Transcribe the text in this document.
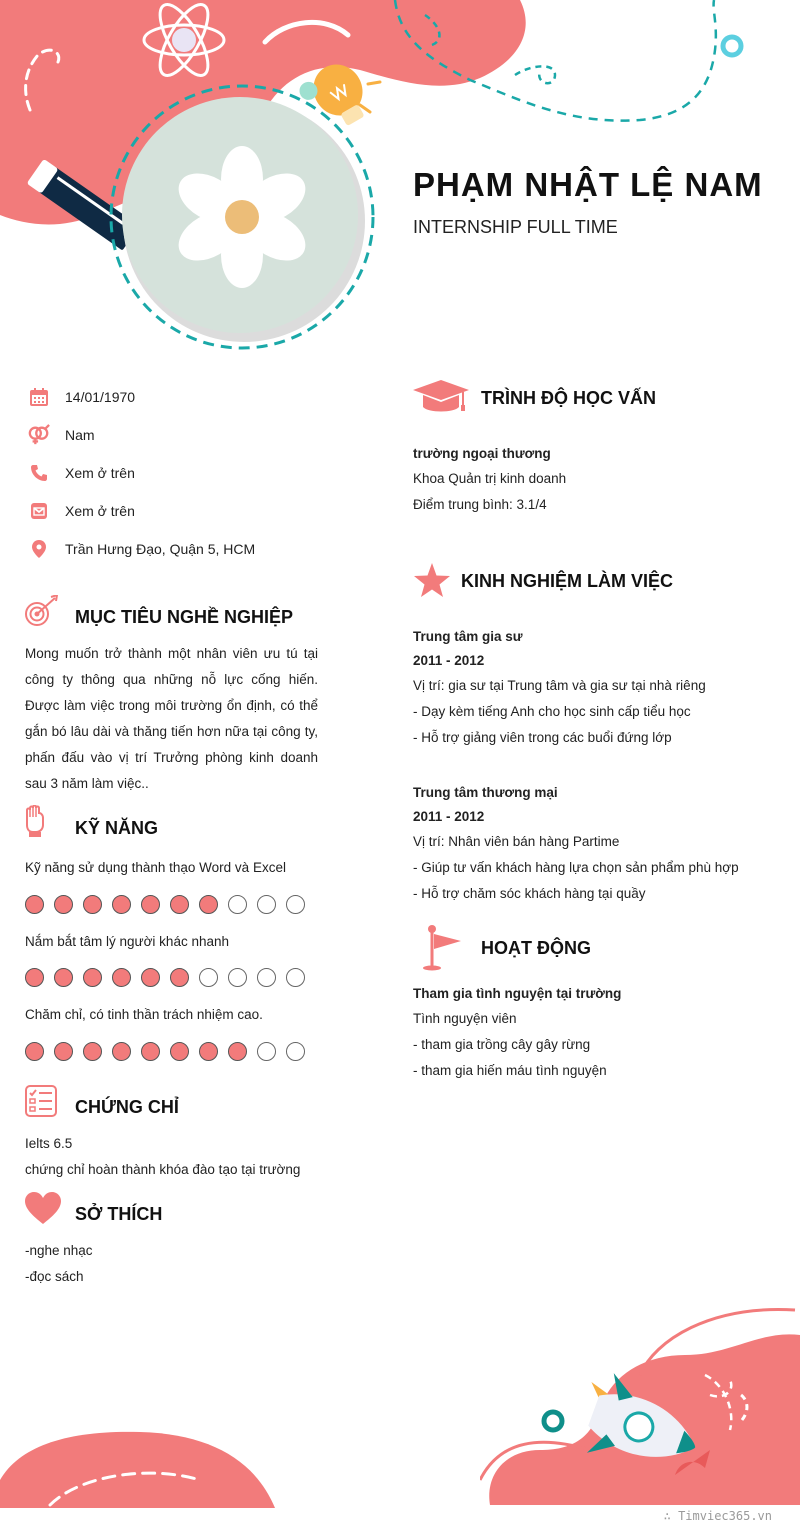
PHẠM NHẬT LỆ NAM
INTERNSHIP FULL TIME
14/01/1970
Nam
Xem ở trên
Xem ở trên
Trần Hưng Đạo, Quận 5, HCM
MỤC TIÊU NGHỀ NGHIỆP
Mong muốn trở thành một nhân viên ưu tú tại công ty thông qua những nỗ lực cống hiến. Được làm việc trong môi trường ổn định, có thể gắn bó lâu dài và thăng tiến hơn nữa tại công ty, phấn đấu vào vị trí Trưởng phòng kinh doanh sau 3 năm làm việc..
KỸ NĂNG
Kỹ năng sử dụng thành thạo Word và Excel
Nắm bắt tâm lý người khác nhanh
Chăm chỉ, có tinh thần trách nhiệm cao.
CHỨNG CHỈ
Ielts 6.5
chứng chỉ hoàn thành khóa đào tạo tại trường
SỞ THÍCH
-nghe nhạc
-đọc sách
TRÌNH ĐỘ HỌC VẤN
trường ngoại thương
Khoa Quản trị kinh doanh
Điểm trung bình: 3.1/4
KINH NGHIỆM LÀM VIỆC
Trung tâm gia sư
2011 - 2012
Vị trí: gia sư tại Trung tâm và gia sư tại nhà riêng
- Dạy kèm tiếng Anh cho học sinh cấp tiểu học
- Hỗ trợ giảng viên trong các buổi đứng lớp
Trung tâm thương mại
2011 - 2012
Vị trí: Nhân viên bán hàng Partime
- Giúp tư vấn khách hàng lựa chọn sản phẩm phù hợp
- Hỗ trợ chăm sóc khách hàng tại quầy
HOẠT ĐỘNG
Tham gia tình nguyện tại trường
Tình nguyện viên
- tham gia trồng cây gây rừng
- tham gia hiến máu tình nguyện
∴ Timviec365.vn
